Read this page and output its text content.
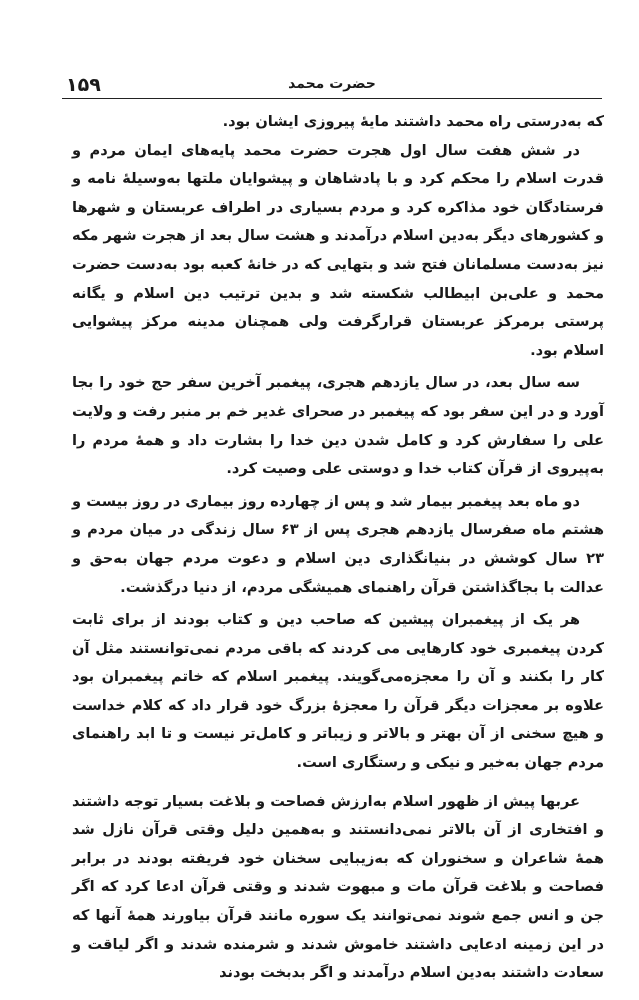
۱۵۹	حضرت محمد

که به‌درستی راه محمد داشتند مایهٔ پیروزی ایشان بود.

در شش هفت سال اول هجرت حضرت محمد پایه‌های ایمان مردم و قدرت اسلام را محکم کرد و با پادشاهان و پیشوایان ملتها به‌وسیلهٔ نامه و فرستادگان خود مذاکره کرد و مردم بسیاری در اطراف عربستان و شهرها و کشورهای دیگر به‌دین اسلام درآمدند و هشت سال بعد از هجرت شهر مکه نیز به‌دست مسلمانان فتح شد و بتهایی که در خانهٔ کعبه بود به‌دست حضرت محمد و علی‌بن ابیطالب شکسته شد و بدین ترتیب دین اسلام و یگانه پرستی برمرکز عربستان قرارگرفت ولی همچنان مدینه مرکز پیشوایی اسلام بود.

سه سال بعد، در سال یازدهم هجری، پیغمبر آخرین سفر حج خود را بجا آورد و در این سفر بود که پیغمبر در صحرای غدیر خم بر منبر رفت و ولایت علی را سفارش کرد و کامل شدن دین خدا را بشارت داد و همهٔ مردم را به‌پیروی از قرآن کتاب خدا و دوستی علی وصیت کرد.

دو ماه بعد پیغمبر بیمار شد و پس از چهارده روز بیماری در روز بیست و هشتم ماه صفرسال یازدهم هجری پس از ۶۳ سال زندگی در میان مردم و ۲۳ سال کوشش در بنیانگذاری دین اسلام و دعوت مردم جهان به‌حق و عدالت با بجاگذاشتن قرآن راهنمای همیشگی مردم، از دنیا درگذشت.

هر یک از پیغمبران پیشین که صاحب دین و کتاب بودند از برای ثابت کردن پیغمبری خود کارهایی می کردند که باقی مردم نمی‌توانستند مثل آن کار را بکنند و آن را معجزه‌می‌گویند. پیغمبر اسلام که خاتم پیغمبران بود علاوه بر معجزات دیگر قرآن را معجزهٔ بزرگ خود قرار داد که کلام خداست و هیچ سخنی از آن بهتر و بالاتر و زیباتر و کامل‌تر نیست و تا ابد راهنمای مردم جهان به‌خیر و نیکی و رستگاری است.

عربها پیش از ظهور اسلام به‌ارزش فصاحت و بلاغت بسیار توجه داشتند و افتخاری از آن بالاتر نمی‌دانستند و به‌همین دلیل وقتی قرآن نازل شد همهٔ شاعران و سخنوران که به‌زیبایی سخنان خود فریفته بودند در برابر فصاحت و بلاغت قرآن مات و مبهوت شدند و وقتی قرآن ادعا کرد که اگر جن و انس جمع شوند نمی‌توانند یک سوره مانند قرآن بیاورند همهٔ آنها که در این زمینه ادعایی داشتند خاموش شدند و شرمنده شدند و اگر لیاقت و سعادت داشتند به‌دین اسلام درآمدند و اگر بدبخت بودند
